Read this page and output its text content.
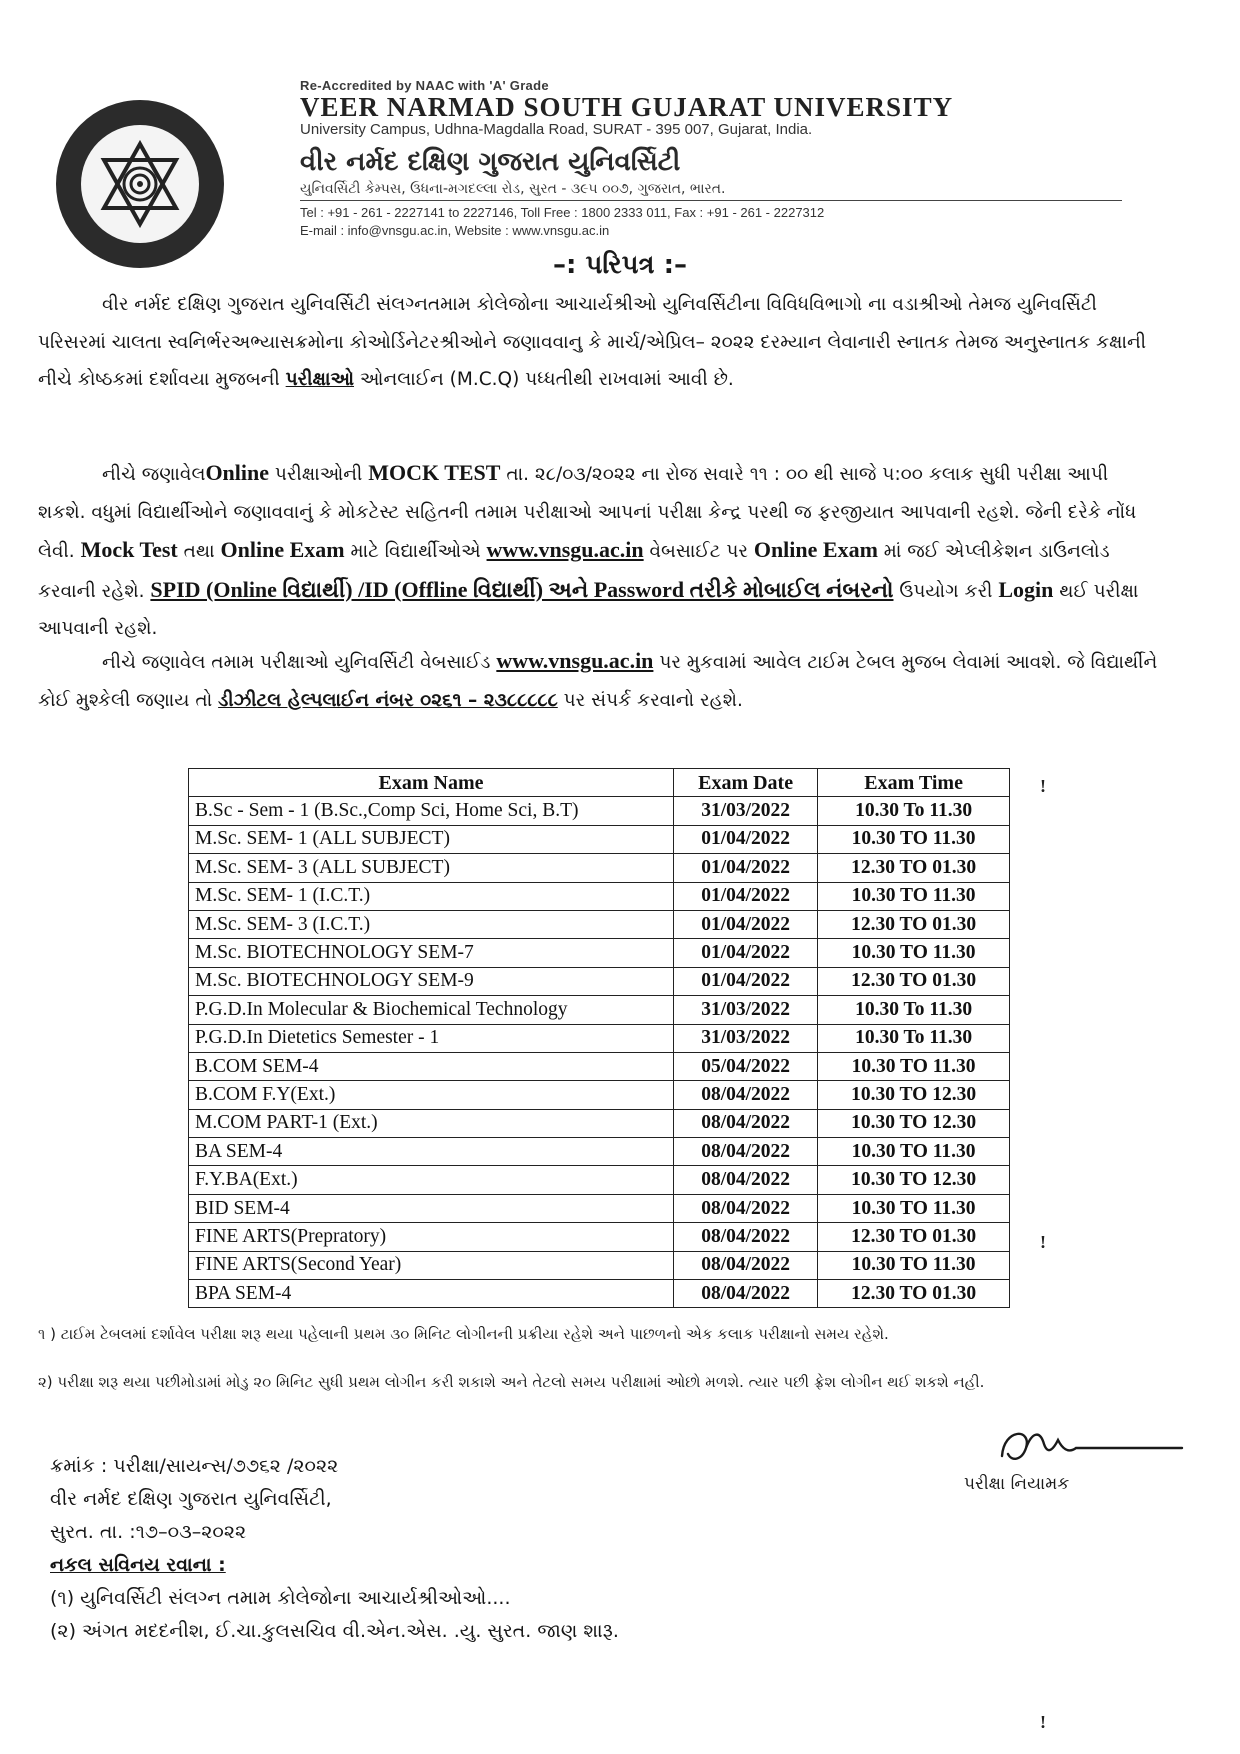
Re-Accredited by NAAC with 'A' Grade
VEER NARMAD SOUTH GUJARAT UNIVERSITY
University Campus, Udhna-Magdalla Road, SURAT - 395 007, Gujarat, India.
વીર નર્મદ દક્ષિણ ગુજરાત યુનિવર્સિટી
યુનિવર્સિટી કેમ્પસ, ઉધના-મગદલ્લા રોડ, સુરત - ૩૯૫ ૦૦૭, ગુજરાત, ભારત.
Tel : +91 - 261 - 2227141 to 2227146, Toll Free : 1800 2333 011, Fax : +91 - 261 - 2227312
E-mail : info@vnsgu.ac.in, Website : www.vnsgu.ac.in
–: પરિપત્ર :–
વીર નર્મદ દક્ષિણ ગુજરાત યુનિવર્સિટી સંલગ્નતમામ કોલેજોના આચાર્યશ્રીઓ યુનિવર્સિટીના વિવિધવિભાગો ના વડાશ્રીઓ તેમજ યુનિવર્સિટી પરિસરમાં ચાલતા સ્વનિર્ભરઅભ્યાસક્રમોના કોઓર્ડિનેટરશ્રીઓને જણાવવાનુ કે માર્ચ/એપ્રિલ– ૨૦૨૨ દરમ્યાન લેવાનારી સ્નાતક તેમજ અનુસ્નાતક કક્ષાની નીચે કોષ્ઠકમાં દર્શાવયા મુજબની પરીક્ષાઓ ઓનલાઈન (M.C.Q) પધ્ધતીથી રાખવામાં આવી છે.
નીચે જણાવેલOnline પરીક્ષાઓની MOCK TEST તા. ૨૮/૦૩/૨૦૨૨ ના રોજ સવારે ૧૧ : ૦૦ થી સાજે ૫:૦૦ કલાક સુધી પરીક્ષા આપી શકશે. વધુમાં વિદ્યાર્થીઓને જણાવવાનું કે મોકટેસ્ટ સહિતની તમામ પરીક્ષાઓ આપનાં પરીક્ષા કેન્દ્ર પરથી જ ફરજીયાત આપવાની રહશે. જેની દરેકે નોંધ લેવી. Mock Test તથા Online Exam માટે વિદ્યાર્થીઓએ www.vnsgu.ac.in વેબસાઈટ પર Online Exam માં જઈ એપ્લીકેશન ડાઉનલોડ કરવાની રહેશે. SPID (Online વિદ્યાર્થી) /ID (Offline વિદ્યાર્થી) અને Password તરીકે મોબાઈલ નંબરનો ઉપયોગ કરી Login થઈ પરીક્ષા આપવાની રહશે.
નીચે જણાવેલ તમામ પરીક્ષાઓ યુનિવર્સિટી વેબસાઈડ www.vnsgu.ac.in પર મુકવામાં આવેલ ટાઈમ ટેબલ મુજબ લેવામાં આવશે. જે વિદ્યાર્થીને કોઈ મુશ્કેલી જણાય તો ડીઝીટલ હેલ્પલાઈન નંબર ૦૨૬૧ – ૨૩૮૮૮૮૮ પર સંપર્ક કરવાનો રહશે.
Exam Name	Exam Date	Exam Time
B.Sc - Sem - 1 (B.Sc.,Comp Sci, Home Sci, B.T)	31/03/2022	10.30 To 11.30
M.Sc. SEM- 1 (ALL SUBJECT)	01/04/2022	10.30 TO 11.30
M.Sc. SEM- 3 (ALL SUBJECT)	01/04/2022	12.30 TO 01.30
M.Sc. SEM- 1 (I.C.T.)	01/04/2022	10.30 TO 11.30
M.Sc. SEM- 3 (I.C.T.)	01/04/2022	12.30 TO 01.30
M.Sc. BIOTECHNOLOGY SEM-7	01/04/2022	10.30 TO 11.30
M.Sc. BIOTECHNOLOGY SEM-9	01/04/2022	12.30 TO 01.30
P.G.D.In Molecular & Biochemical Technology	31/03/2022	10.30 To 11.30
P.G.D.In Dietetics Semester - 1	31/03/2022	10.30 To 11.30
B.COM SEM-4	05/04/2022	10.30 TO 11.30
B.COM F.Y(Ext.)	08/04/2022	10.30 TO 12.30
M.COM PART-1 (Ext.)	08/04/2022	10.30 TO 12.30
BA SEM-4	08/04/2022	10.30 TO 11.30
F.Y.BA(Ext.)	08/04/2022	10.30 TO 12.30
BID SEM-4	08/04/2022	10.30 TO 11.30
FINE ARTS(Prepratory)	08/04/2022	12.30 TO 01.30
FINE ARTS(Second Year)	08/04/2022	10.30 TO 11.30
BPA SEM-4	08/04/2022	12.30 TO 01.30
!
!
!
૧ ) ટાઈમ ટેબલમાં દર્શાવેલ પરીક્ષા શરૂ થયા પહેલાની પ્રથમ ૩૦ મિનિટ લોગીનની પ્રક્રીયા રહેશે અને પાછળનો એક કલાક પરીક્ષાનો સમય રહેશે.
૨) પરીક્ષા શરૂ થયા પછીમોડામાં મોડુ ૨૦ મિનિટ સુધી પ્રથમ લોગીન કરી શકાશે અને તેટલો સમય પરીક્ષામાં ઓછો મળશે. ત્યાર પછી ફ્રેશ લોગીન થઈ શકશે નહી.
પરીક્ષા નિયામક
ક્રમાંક : પરીક્ષા/સાયન્સ/૭૭૬૨ /૨૦૨૨
વીર નર્મદ દક્ષિણ ગુજરાત યુનિવર્સિટી,
સુરત. તા. :૧૭–૦૩–૨૦૨૨
નકલ સવિનય રવાના :
(૧) યુનિવર્સિટી સંલગ્ન તમામ કોલેજોના આચાર્યશ્રીઓઓ....
(૨) અંગત મદદનીશ, ઈ.ચા.કુલસચિવ વી.એન.એસ. .યુ. સુરત. જાણ શારૂ.
